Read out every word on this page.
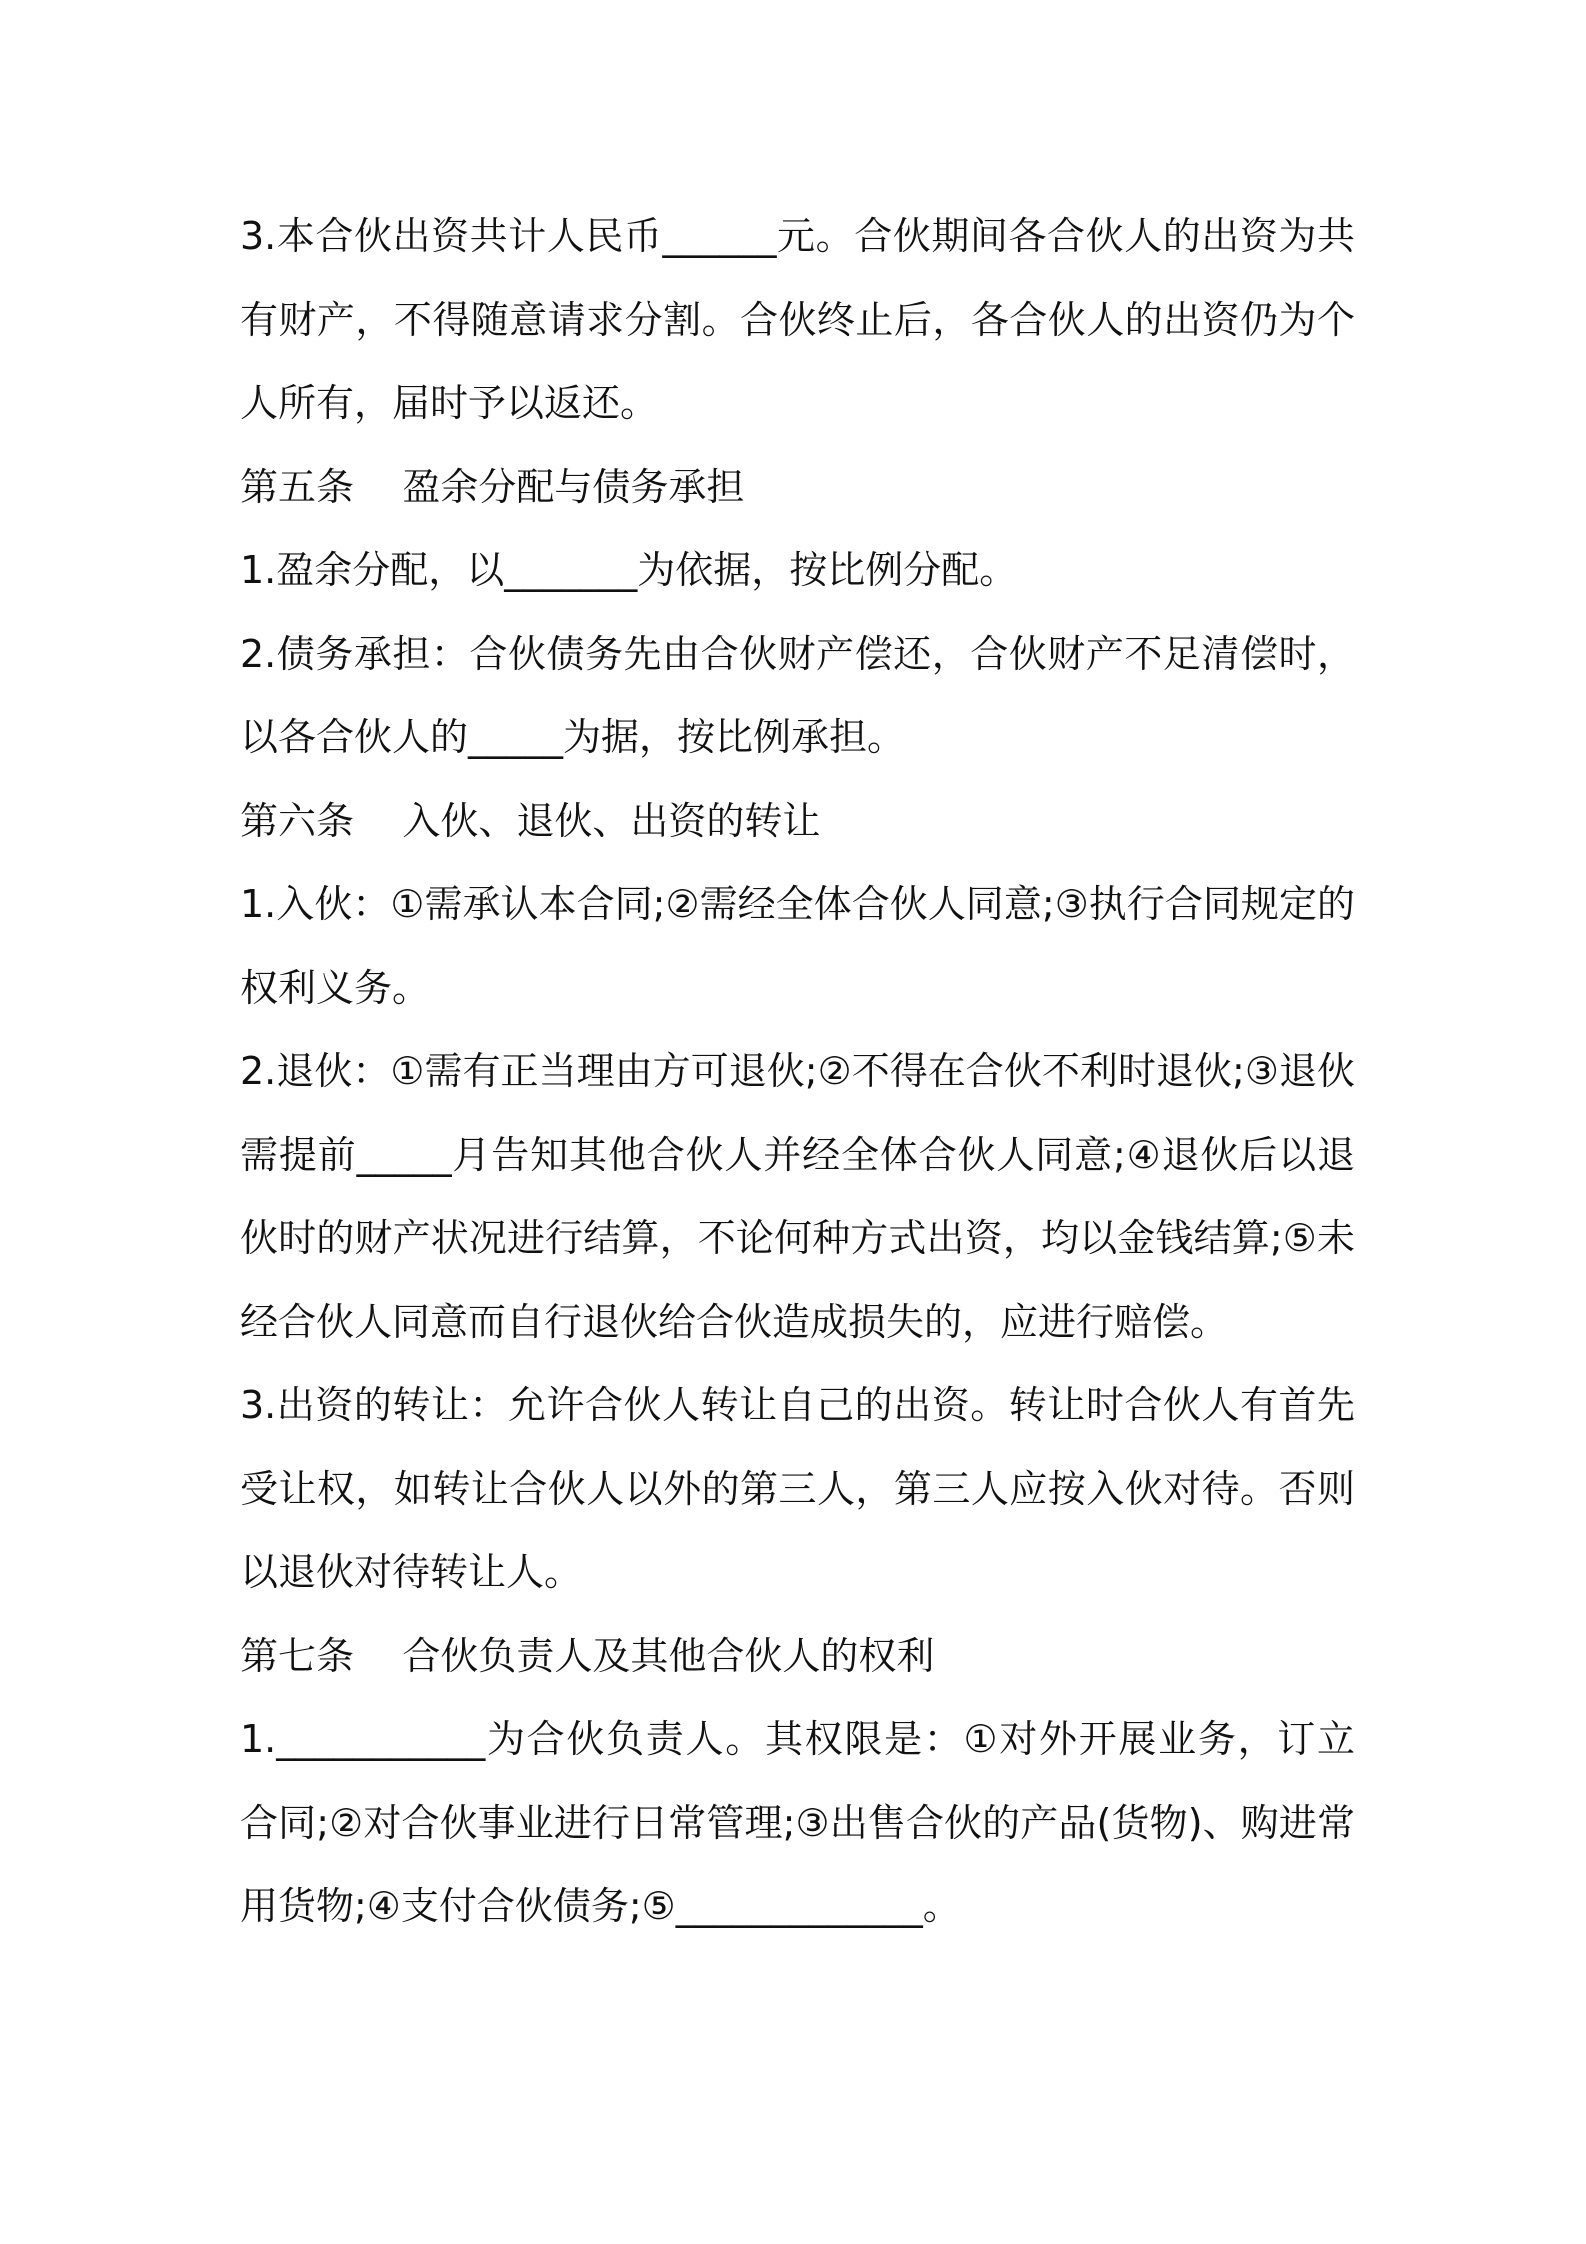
3.本合伙出资共计人民币______元。合伙期间各合伙人的出资为共有财产，不得随意请求分割。合伙终止后，各合伙人的出资仍为个人所有，届时予以返还。

第五条    盈余分配与债务承担

1.盈余分配，以_______为依据，按比例分配。

2.债务承担：合伙债务先由合伙财产偿还，合伙财产不足清偿时，以各合伙人的_____为据，按比例承担。

第六条    入伙、退伙、出资的转让

1.入伙：①需承认本合同;②需经全体合伙人同意;③执行合同规定的权利义务。

2.退伙：①需有正当理由方可退伙;②不得在合伙不利时退伙;③退伙需提前_____月告知其他合伙人并经全体合伙人同意;④退伙后以退伙时的财产状况进行结算，不论何种方式出资，均以金钱结算;⑤未经合伙人同意而自行退伙给合伙造成损失的，应进行赔偿。

3.出资的转让：允许合伙人转让自己的出资。转让时合伙人有首先受让权，如转让合伙人以外的第三人，第三人应按入伙对待。否则以退伙对待转让人。

第七条    合伙负责人及其他合伙人的权利

1.___________为合伙负责人。其权限是：①对外开展业务，订立合同;②对合伙事业进行日常管理;③出售合伙的产品(货物)、购进常用货物;④支付合伙债务;⑤_____________。
